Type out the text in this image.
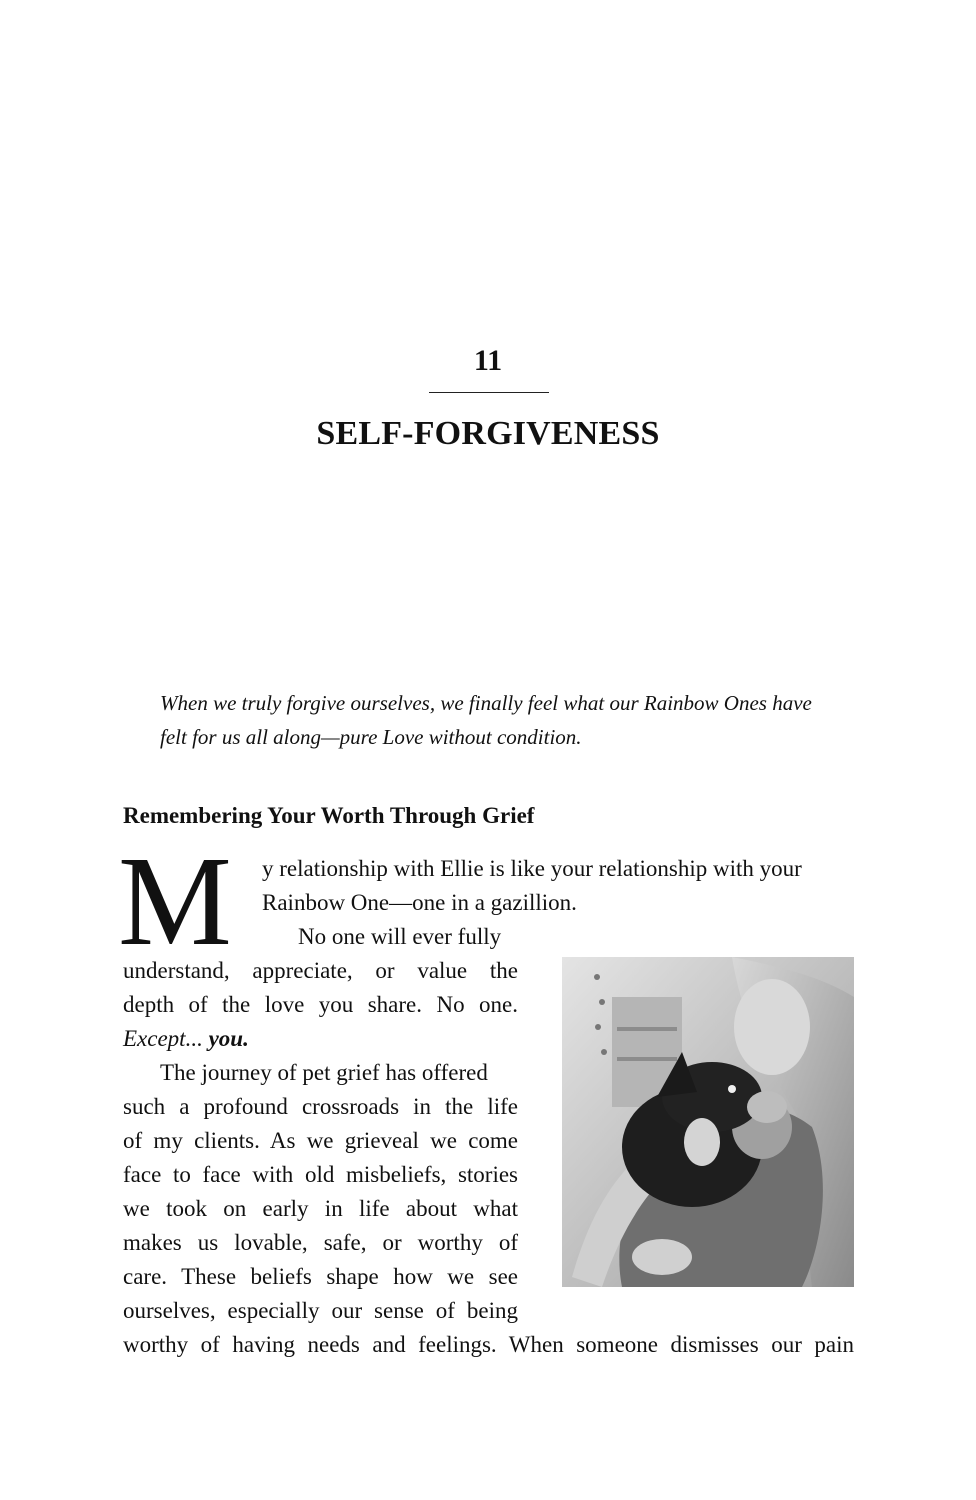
11
SELF-FORGIVENESS
When we truly forgive ourselves, we finally feel what our Rainbow Ones have
felt for us all along—pure Love without condition.
Remembering Your Worth Through Grief
M y relationship with Ellie is like your relationship with your
Rainbow One—one in a gazillion.
No one will ever fully
understand, appreciate, or value the
depth of the love you share. No one.
Except... you.
The journey of pet grief has offered
such a profound crossroads in the life
of my clients. As we grieveal we come
face to face with old misbeliefs, stories
we took on early in life about what
makes us lovable, safe, or worthy of
care. These beliefs shape how we see
ourselves, especially our sense of being
worthy of having needs and feelings. When someone dismisses our pain
